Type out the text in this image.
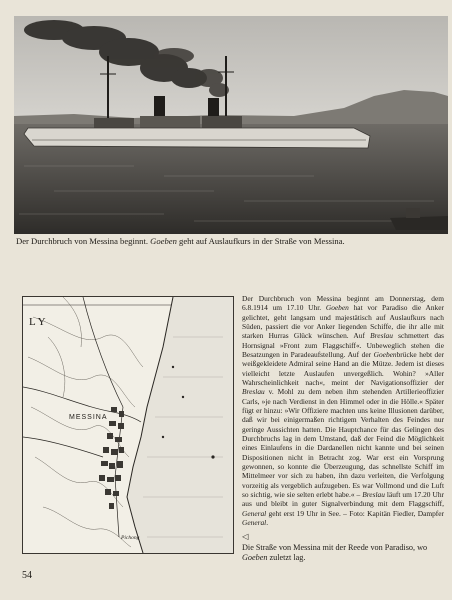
Der Durchbruch von Messina beginnt. Goeben geht auf Auslaufkurs in der Straße von Messina.
L Y
MESSINA
Pichong

Der Durchbruch von Messina beginnt am Donnerstag, dem 6.8.1914 um 17.10 Uhr. Goeben hat vor Paradiso die Anker gelichtet, geht langsam und majestätisch auf Auslaufkurs nach Süden, passiert die vor Anker liegenden Schiffe, die ihr alle mit starken Hurras Glück wünschen. Auf Breslau schmettert das Hornsignal »Front zum Flaggschiff«. Unbeweglich stehen die Besatzungen in Paradeaufstellung. Auf der Goebenbrücke hebt der weißgekleidete Admiral seine Hand an die Mütze. Jedem ist dieses vielleicht letzte Auslaufen unvergeßlich. Wohin? »Aller Wahrscheinlichkeit nach«, meint der Navigationsoffizier der Breslau v. Mohl zu dem neben ihm stehenden Artillerieoffizier Carls, »je nach Verdienst in den Himmel oder in die Hölle.« Später fügt er hinzu: »Wir Offiziere machten uns keine Illusionen darüber, daß wir bei einigermaßen richtigem Verhalten des Feindes nur geringe Aussichten hatten. Die Hauptchance für das Gelingen des Durchbruchs lag in dem Umstand, daß der Feind die Möglichkeit eines Einlaufens in die Dardanellen nicht kannte und bei seinen Dispositionen nicht in Betracht zog. War erst ein Vorsprung gewonnen, so konnte die Überzeugung, das schnellste Schiff im Mittelmeer vor sich zu haben, ihn dazu verleiten, die Verfolgung vorzeitig als vergeblich aufzugeben. Es war Vollmond und die Luft so sichtig, wie sie selten erlebt habe.« – Breslau läuft um 17.20 Uhr aus und bleibt in guter Signalverbindung mit dem Flaggschiff, General geht erst 19 Uhr in See. – Foto: Kapitän Fiedler, Dampfer General.

◁
Die Straße von Messina mit der Reede von Paradiso, wo Goeben zuletzt lag.
54
